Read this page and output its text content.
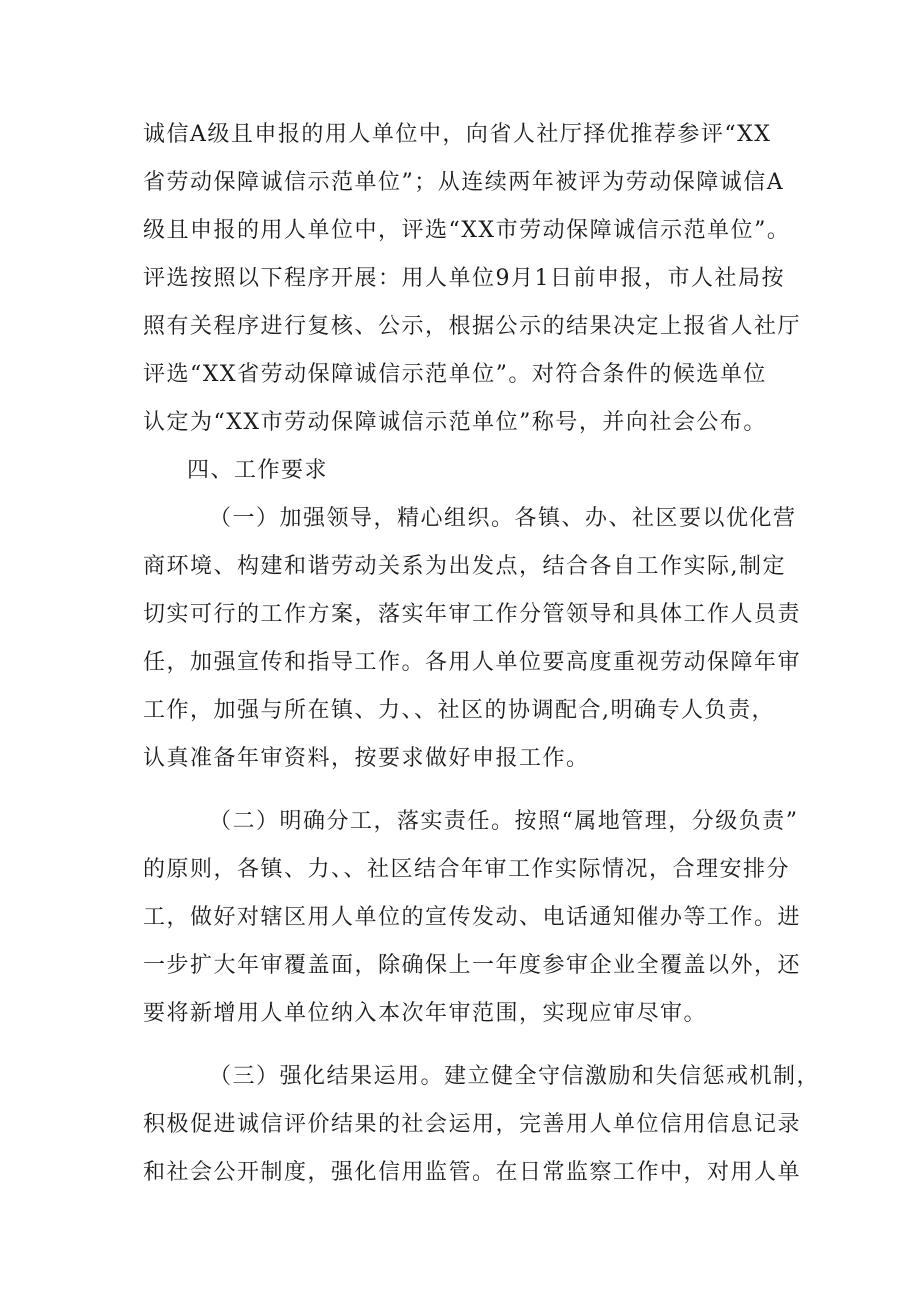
诚信A级且申报的用人单位中，向省人社厅择优推荐参评“XX
省劳动保障诚信示范单位”；从连续两年被评为劳动保障诚信A
级且申报的用人单位中，评选“XX市劳动保障诚信示范单位”。
评选按照以下程序开展：用人单位9月1日前申报，市人社局按
照有关程序进行复核、公示，根据公示的结果决定上报省人社厅
评选“XX省劳动保障诚信示范单位”。对符合条件的候选单位
认定为“XX市劳动保障诚信示范单位”称号，并向社会公布。
四、工作要求
（一）加强领导，精心组织。各镇、办、社区要以优化营
商环境、构建和谐劳动关系为出发点，结合各自工作实际,制定
切实可行的工作方案，落实年审工作分管领导和具体工作人员责
任，加强宣传和指导工作。各用人单位要高度重视劳动保障年审
工作，加强与所在镇、力、、社区的协调配合,明确专人负责，
认真准备年审资料，按要求做好申报工作。
（二）明确分工，落实责任。按照“属地管理，分级负责”
的原则，各镇、力、、社区结合年审工作实际情况，合理安排分
工，做好对辖区用人单位的宣传发动、电话通知催办等工作。进
一步扩大年审覆盖面，除确保上一年度参审企业全覆盖以外，还
要将新增用人单位纳入本次年审范围，实现应审尽审。
（三）强化结果运用。建立健全守信激励和失信惩戒机制，
积极促进诚信评价结果的社会运用，完善用人单位信用信息记录
和社会公开制度，强化信用监管。在日常监察工作中，对用人单
